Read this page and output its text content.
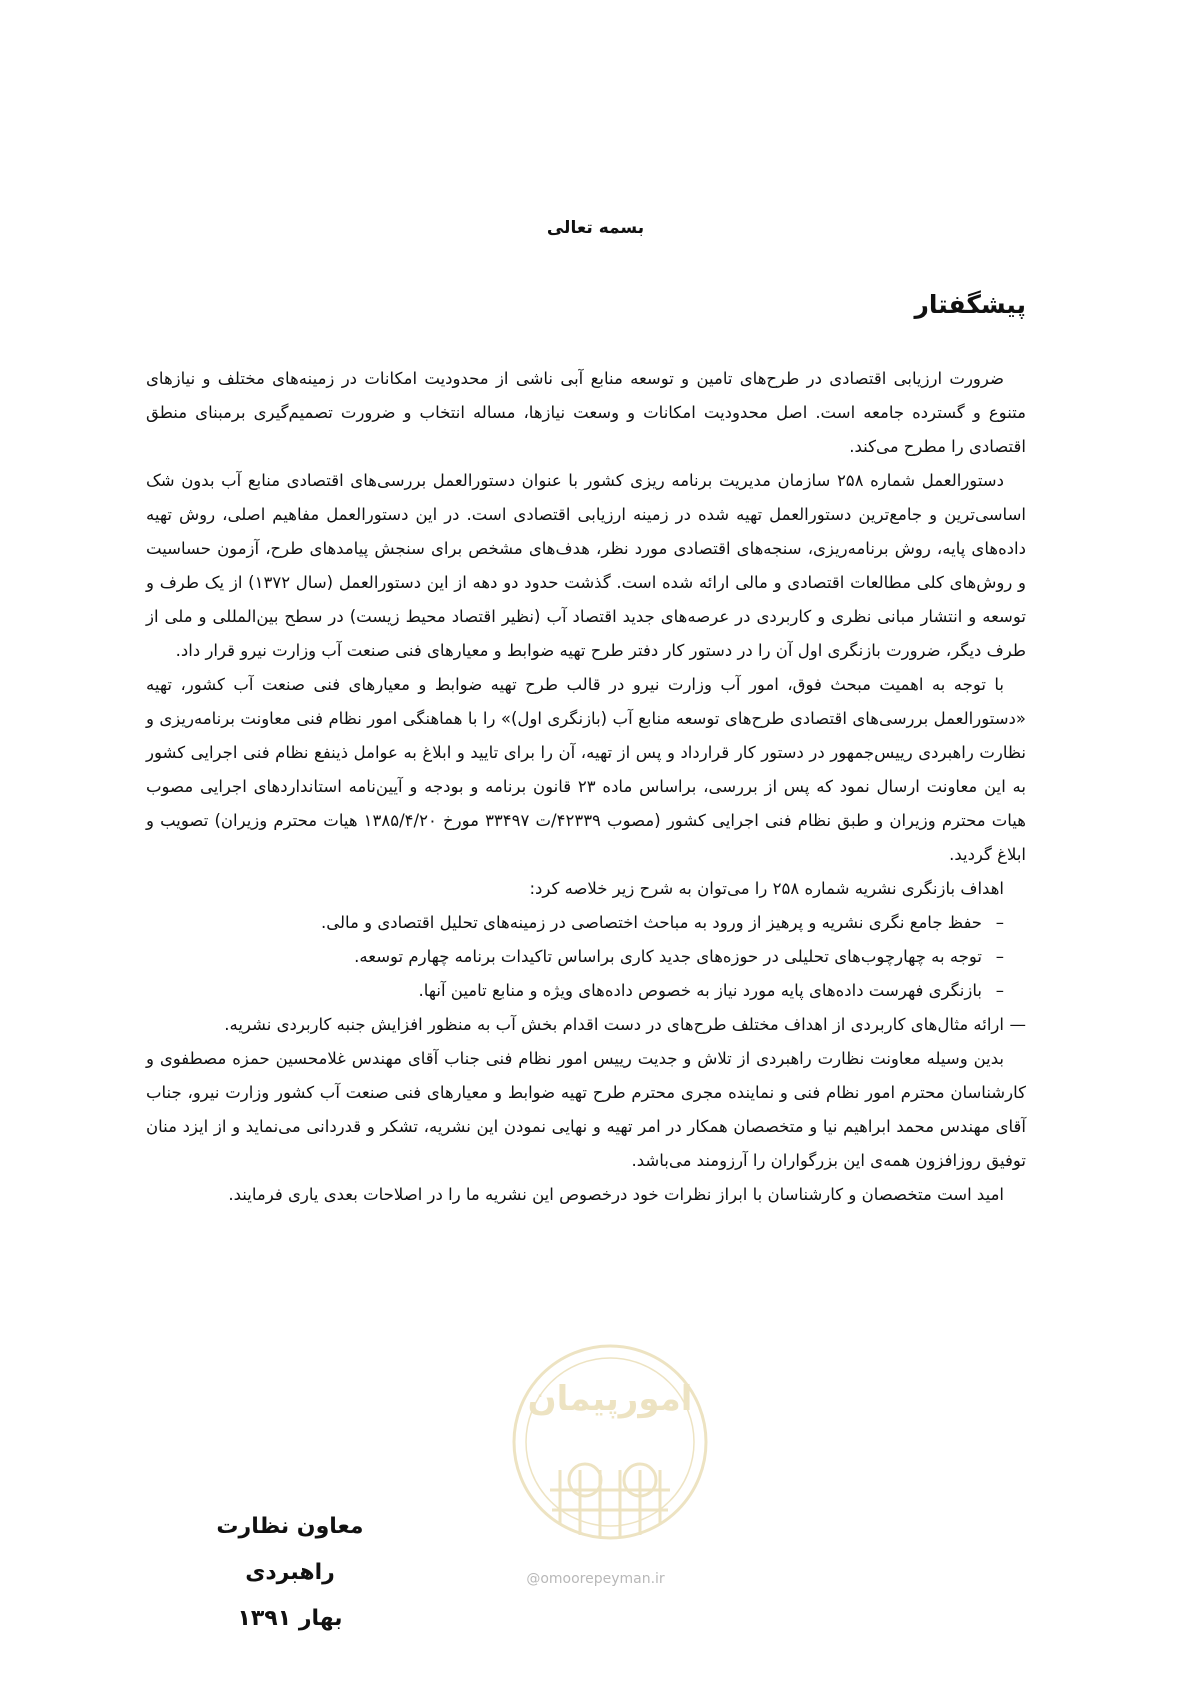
بسمه تعالی
پیشگفتار

ضرورت ارزیابی اقتصادی در طرح‌های تامین و توسعه منابع آبی ناشی از محدودیت امکانات در زمینه‌های مختلف و نیازهای متنوع و گسترده جامعه است. اصل محدودیت امکانات و وسعت نیازها، مساله انتخاب و ضرورت تصمیم‌گیری برمبنای منطق اقتصادی را مطرح می‌کند.

دستورالعمل شماره ۲۵۸ سازمان مدیریت برنامه ریزی کشور با عنوان دستورالعمل بررسی‌های اقتصادی منابع آب بدون شک اساسی‌ترین و جامع‌ترین دستورالعمل تهیه شده در زمینه ارزیابی اقتصادی است. در این دستورالعمل مفاهیم اصلی، روش تهیه داده‌های پایه، روش برنامه‌ریزی، سنجه‌های اقتصادی مورد نظر، هدف‌های مشخص برای سنجش پیامدهای طرح، آزمون حساسیت و روش‌های کلی مطالعات اقتصادی و مالی ارائه شده است. گذشت حدود دو دهه از این دستورالعمل (سال ۱۳۷۲) از یک طرف و توسعه و انتشار مبانی نظری و کاربردی در عرصه‌های جدید اقتصاد آب (نظیر اقتصاد محیط زیست) در سطح بین‌المللی و ملی از طرف دیگر، ضرورت بازنگری اول آن را در دستور کار دفتر طرح تهیه ضوابط و معیارهای فنی صنعت آب وزارت نیرو قرار داد.

با توجه به اهمیت مبحث فوق، امور آب وزارت نیرو در قالب طرح تهیه ضوابط و معیارهای فنی صنعت آب کشور، تهیه «دستورالعمل بررسی‌های اقتصادی طرح‌های توسعه منابع آب (بازنگری اول)» را با هماهنگی امور نظام فنی معاونت برنامه‌ریزی و نظارت راهبردی رییس‌جمهور در دستور کار قرارداد و پس از تهیه، آن را برای تایید و ابلاغ به عوامل ذینفع نظام فنی اجرایی کشور به این معاونت ارسال نمود که پس از بررسی، براساس ماده ۲۳ قانون برنامه و بودجه و آیین‌نامه استانداردهای اجرایی مصوب هیات محترم وزیران و طبق نظام فنی اجرایی کشور (مصوب ۴۲۳۳۹/ت ۳۳۴۹۷ مورخ ۱۳۸۵/۴/۲۰ هیات محترم وزیران) تصویب و ابلاغ گردید.

اهداف بازنگری نشریه شماره ۲۵۸ را می‌توان به شرح زیر خلاصه کرد:

–
حفظ جامع نگری نشریه و پرهیز از ورود به مباحث اختصاصی در زمینه‌های تحلیل اقتصادی و مالی.
–
توجه به چهارچوب‌های تحلیلی در حوزه‌های جدید کاری براساس تاکیدات برنامه چهارم توسعه.
–
بازنگری فهرست داده‌های پایه مورد نیاز به خصوص داده‌های ویژه و منابع تامین آنها.
—
ارائه مثال‌های کاربردی از اهداف مختلف طرح‌های در دست اقدام بخش آب به منظور افزایش جنبه کاربردی نشریه.

بدین وسیله معاونت نظارت راهبردی از تلاش و جدیت رییس امور نظام فنی جناب آقای مهندس غلامحسین حمزه مصطفوی و کارشناسان محترم امور نظام فنی و نماینده مجری محترم طرح تهیه ضوابط و معیارهای فنی صنعت آب کشور وزارت نیرو، جناب آقای مهندس محمد ابراهیم نیا و متخصصان همکار در امر تهیه و نهایی نمودن این نشریه، تشکر و قدردانی می‌نماید و از ایزد منان توفیق روزافزون همه‌ی این بزرگواران را آرزومند می‌باشد.

امید است متخصصان و کارشناسان با ابراز نظرات خود درخصوص این نشریه ما را در اصلاحات بعدی یاری فرمایند.

معاون نظارت راهبردی
بهار ۱۳۹۱
امورپیمان
@omoorepeyman.ir
